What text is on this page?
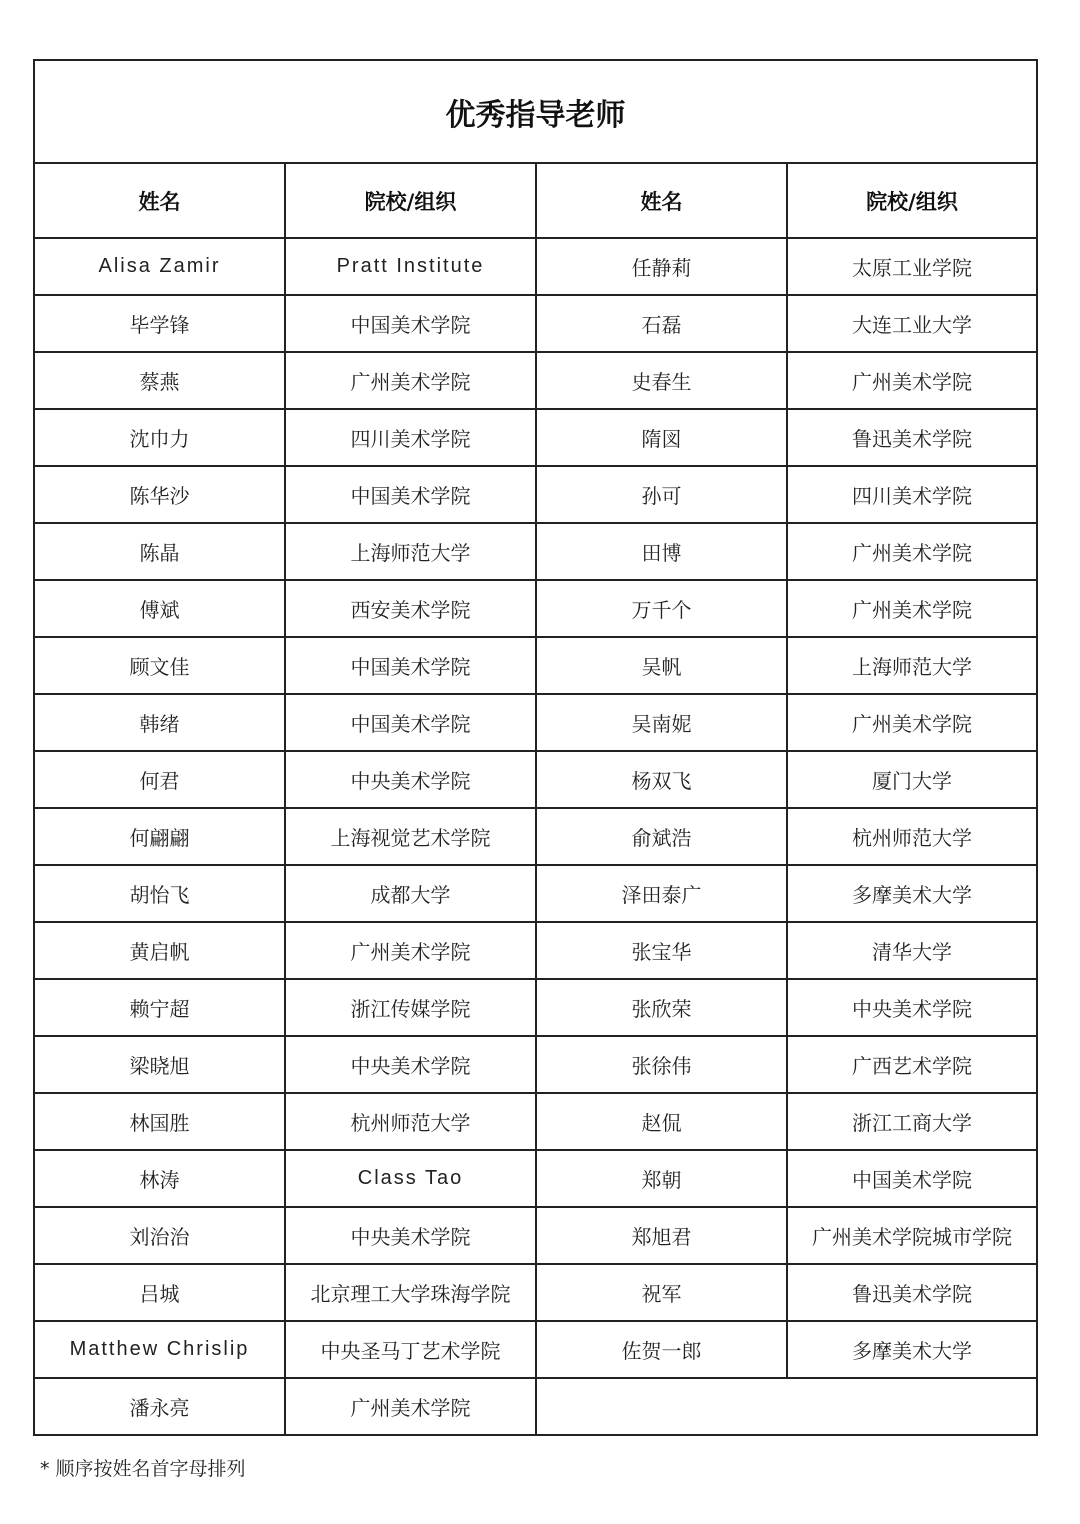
优秀指导老师			
姓名	院校/组织	姓名	院校/组织
Alisa Zamir	Pratt Institute	任静莉	太原工业学院
毕学锋	中国美术学院	石磊	大连工业大学
蔡燕	广州美术学院	史春生	广州美术学院
沈巾力	四川美术学院	隋図	鲁迅美术学院
陈华沙	中国美术学院	孙可	四川美术学院
陈晶	上海师范大学	田博	广州美术学院
傅斌	西安美术学院	万千个	广州美术学院
顾文佳	中国美术学院	吴帆	上海师范大学
韩绪	中国美术学院	吴南妮	广州美术学院
何君	中央美术学院	杨双飞	厦门大学
何翩翩	上海视觉艺术学院	俞斌浩	杭州师范大学
胡怡飞	成都大学	泽田泰广	多摩美术大学
黄启帆	广州美术学院	张宝华	清华大学
赖宁超	浙江传媒学院	张欣荣	中央美术学院
梁晓旭	中央美术学院	张徐伟	广西艺术学院
林国胜	杭州师范大学	赵侃	浙江工商大学
林涛	Class Tao	郑朝	中国美术学院
刘治治	中央美术学院	郑旭君	广州美术学院城市学院
吕城	北京理工大学珠海学院	祝军	鲁迅美术学院
Matthew Chrislip	中央圣马丁艺术学院	佐贺一郎	多摩美术大学
潘永亮	广州美术学院		
* 顺序按姓名首字母排列
